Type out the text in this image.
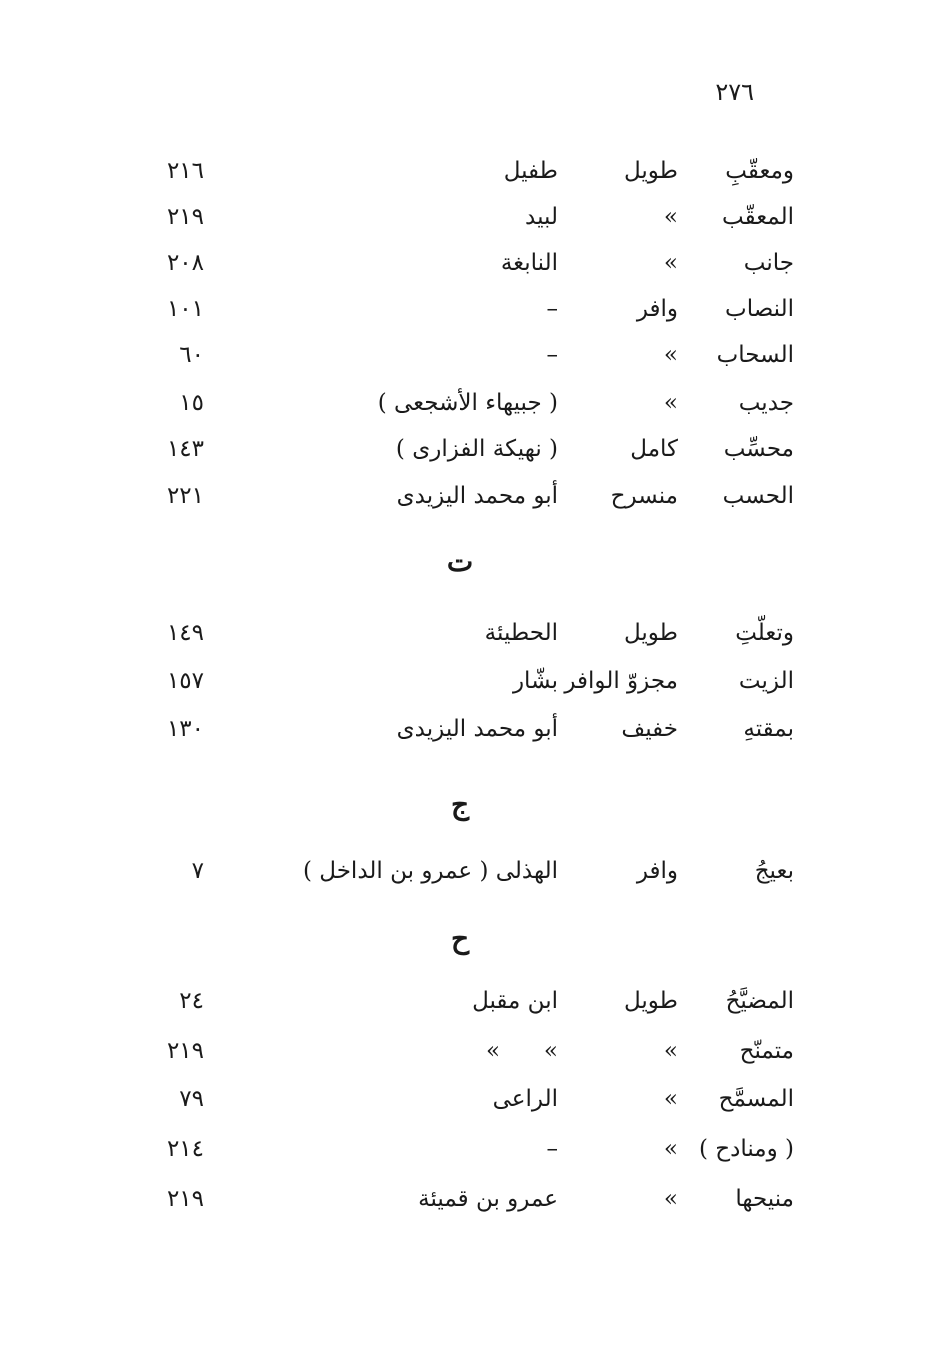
٢٧٦
ومعقّبِ
طويل
طفيل
٢١٦
المعقّب
»
لبيد
٢١٩
جانب
»
النابغة
٢٠٨
النصاب
وافر
–
١٠١
السحاب
»
–
٦٠
جديب
»
( جبيهاء الأشجعى )
١٥
محسِّب
كامل
( نهيكة الفزارى )
١٤٣
الحسب
منسرح
أبو محمد اليزيدى
٢٢١
ت
وتعلّتِ
طويل
الحطيئة
١٤٩
الزيت
مجزوّ الوافر
بشّار
١٥٧
بمقتهِ
خفيف
أبو محمد اليزيدى
١٣٠
ج
بعيجُ
وافر
الهذلى ( عمرو بن الداخل )
٧
ح
المضيَّحُ
طويل
ابن مقبل
٢٤
متمنّح
»
»      »
٢١٩
المسمَّح
»
الراعى
٧٩
( ومنادح )
»
–
٢١٤
منيحها
»
عمرو بن قميئة
٢١٩
